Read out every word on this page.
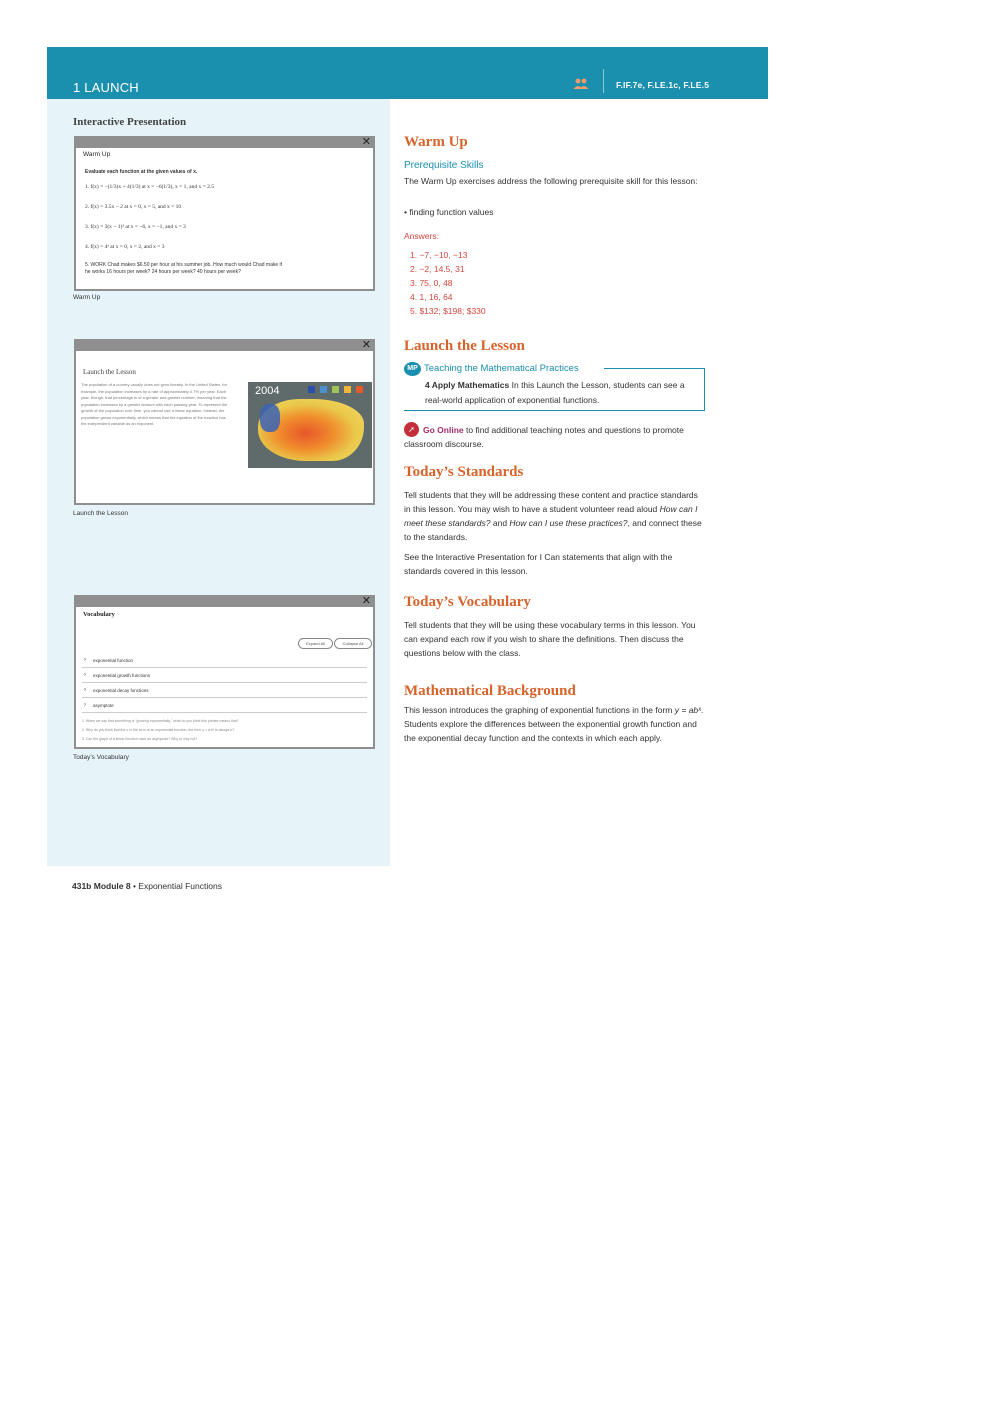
1 LAUNCH	F.IF.7e, F.LE.1c, F.LE.5
Interactive Presentation
✕
Warm Up
Evaluate each function at the given values of x.
1. f(x) = −(1/3)x + 4(1/3) at x = −6(1/3), x = 1, and x = 2.5
2. f(x) = 3.5x − 2 at x = 0, x = 5, and x = 10
3. f(x) = 3(x − 1)² at x = −6, x = −1, and x = 3
4. f(x) = 4ˣ at x = 0, x = 2, and x = 3
5. WORK Chad makes $6.50 per hour at his summer job. How much would Chad make if he works 16 hours per week? 24 hours per week? 40 hours per week?
Warm Up
✕
Launch the Lesson
The population of a country usually does not grow linearly. In the United States, for example, the population increases by a rate of approximately 0.7% per year. Each year, though, that percentage is of a greater and greater number, meaning that the population increases by a greater amount with each passing year. To represent the growth of the population over time, you cannot use a linear equation. Instead, the population grows exponentially, which means that the equation of the function has the independent variable as an exponent.
2004
Launch the Lesson
✕
Vocabulary
Expand All	Collapse All
› exponential function
› exponential growth functions
› exponential decay functions
› asymptote
1. When we say that something is "growing exponentially," what do you think this phrase means that?
2. Why do you think that the x in the form of an exponential function, the form y = a·bˣ is always b?
3. Can the graph of a linear function have an asymptote? Why or why not?
Today’s Vocabulary
431b Module 8 • Exponential Functions
Warm Up
Prerequisite Skills
The Warm Up exercises address the following prerequisite skill for this lesson:
• finding function values
Answers:
1. −7, −10, −13
2. −2, 14.5, 31
3. 75, 0, 48
4. 1, 16, 64
5. $132; $198; $330
Launch the Lesson
MP Teaching the Mathematical Practices
4 Apply Mathematics In this Launch the Lesson, students can see a real-world application of exponential functions.
➚ Go Online to find additional teaching notes and questions to promote classroom discourse.
Today’s Standards
Tell students that they will be addressing these content and practice standards in this lesson. You may wish to have a student volunteer read aloud How can I meet these standards? and How can I use these practices?, and connect these to the standards.
See the Interactive Presentation for I Can statements that align with the standards covered in this lesson.
Today’s Vocabulary
Tell students that they will be using these vocabulary terms in this lesson. You can expand each row if you wish to share the definitions. Then discuss the questions below with the class.
Mathematical Background
This lesson introduces the graphing of exponential functions in the form y = abˣ. Students explore the differences between the exponential growth function and the exponential decay function and the contexts in which each apply.
